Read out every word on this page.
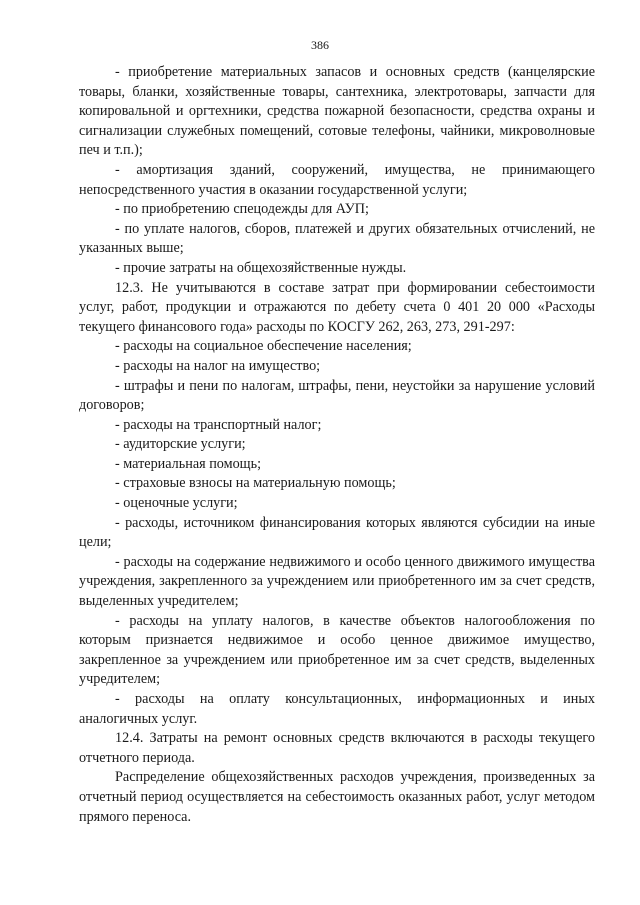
386

- приобретение материальных запасов и основных средств (канцелярские товары, бланки, хозяйственные товары, сантехника, электротовары, запчасти для копировальной и оргтехники, средства пожарной безопасности, средства охраны и сигнализации служебных помещений, сотовые телефоны, чайники, микроволновые печ и т.п.);

- амортизация зданий, сооружений, имущества, не принимающего непосредственного участия в оказании государственной услуги;

- по приобретению спецодежды для АУП;

- по уплате налогов, сборов, платежей и других обязательных отчислений, не указанных выше;

- прочие затраты на общехозяйственные нужды.

12.3. Не учитываются в составе затрат при формировании себестоимости услуг, работ, продукции и отражаются по дебету счета 0 401 20 000 «Расходы текущего финансового года» расходы по КОСГУ 262, 263, 273, 291-297:

- расходы на социальное обеспечение населения;

- расходы на налог на имущество;

- штрафы и пени по налогам, штрафы, пени, неустойки за нарушение условий договоров;

- расходы на транспортный налог;

- аудиторские услуги;

- материальная помощь;

- страховые взносы на материальную помощь;

- оценочные услуги;

- расходы, источником финансирования которых являются субсидии на иные цели;

- расходы на содержание недвижимого и особо ценного движимого имущества учреждения, закрепленного за учреждением или приобретенного им за счет средств, выделенных учредителем;

- расходы на уплату налогов, в качестве объектов налогообложения по которым признается недвижимое и особо ценное движимое имущество, закрепленное за учреждением или приобретенное им за счет средств, выделенных учредителем;

- расходы на оплату консультационных, информационных и иных аналогичных услуг.

12.4. Затраты на ремонт основных средств включаются в расходы текущего отчетного периода.

Распределение общехозяйственных расходов учреждения, произведенных за отчетный период осуществляется на себестоимость оказанных работ, услуг методом прямого переноса.
